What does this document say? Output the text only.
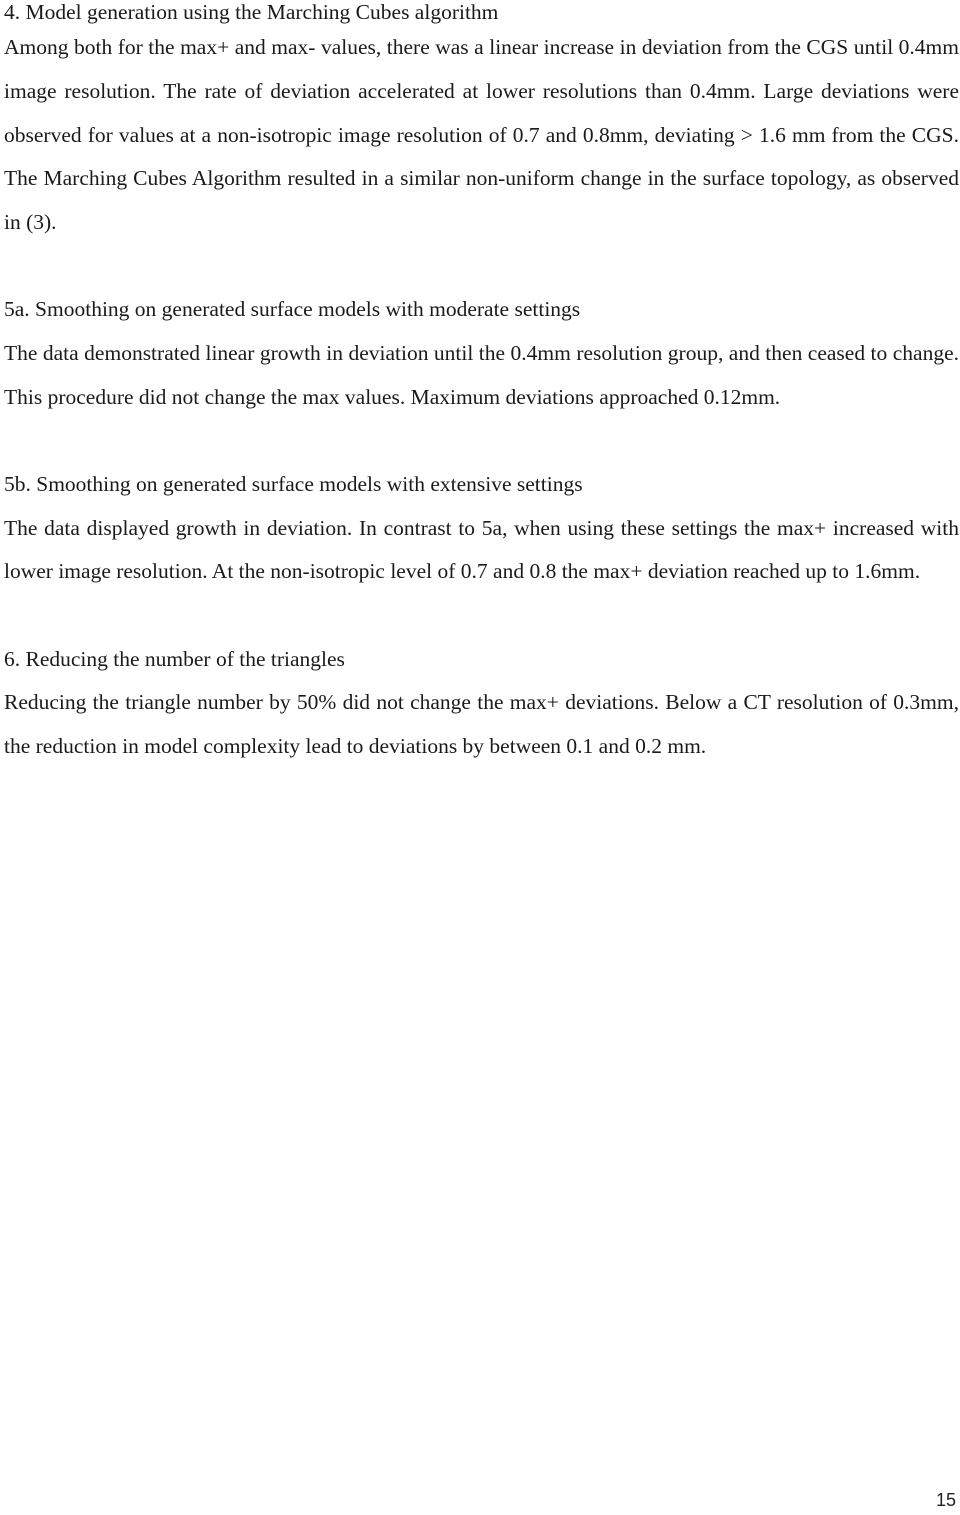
4. Model generation using the Marching Cubes algorithm

Among both for the max+ and max- values, there was a linear increase in deviation from the CGS until 0.4mm image resolution. The rate of deviation accelerated at lower resolutions than 0.4mm. Large deviations were observed for values at a non-isotropic image resolution of 0.7 and 0.8mm, deviating > 1.6 mm from the CGS. The Marching Cubes Algorithm resulted in a similar non-uniform change in the surface topology, as observed in (3).

5a. Smoothing on generated surface models with moderate settings

The data demonstrated linear growth in deviation until the 0.4mm resolution group, and then ceased to change. This procedure did not change the max values. Maximum deviations approached 0.12mm.

5b. Smoothing on generated surface models with extensive settings

The data displayed growth in deviation. In contrast to 5a, when using these settings the max+ increased with lower image resolution. At the non-isotropic level of 0.7 and 0.8 the max+ deviation reached up to 1.6mm.

6. Reducing the number of the triangles

Reducing the triangle number by 50% did not change the max+ deviations. Below a CT resolution of 0.3mm, the reduction in model complexity lead to deviations by between 0.1 and 0.2 mm.

15
